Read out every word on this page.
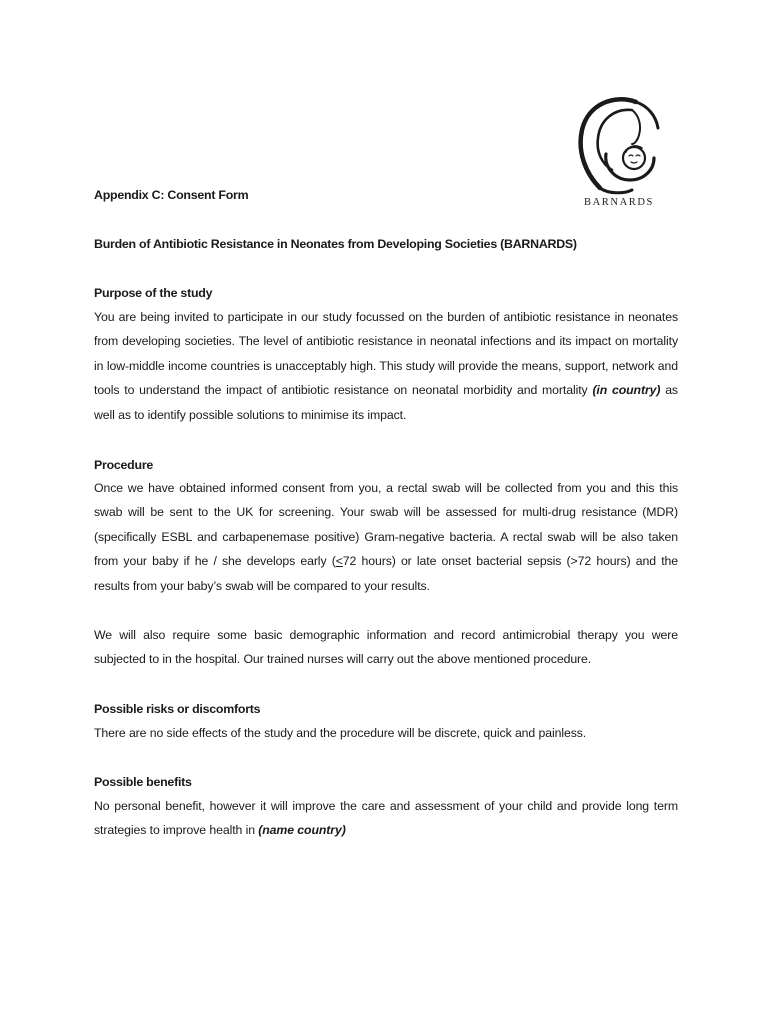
BARNARDS
Appendix C: Consent Form
Burden of Antibiotic Resistance in Neonates from Developing Societies (BARNARDS)
Purpose of the study
You are being invited to participate in our study focussed on the burden of antibiotic resistance in neonates from developing societies. The level of antibiotic resistance in neonatal infections and its impact on mortality in low-middle income countries is unacceptably high. This study will provide the means, support, network and tools to understand the impact of antibiotic resistance on neonatal morbidity and mortality (in country) as well as to identify possible solutions to minimise its impact.
Procedure
Once we have obtained informed consent from you, a rectal swab will be collected from you and this this swab will be sent to the UK for screening. Your swab will be assessed for multi-drug resistance (MDR) (specifically ESBL and carbapenemase positive) Gram-negative bacteria. A rectal swab will be also taken from your baby if he / she develops early (<72 hours) or late onset bacterial sepsis (>72 hours) and the results from your baby’s swab will be compared to your results.
We will also require some basic demographic information and record antimicrobial therapy you were subjected to in the hospital. Our trained nurses will carry out the above mentioned procedure.
Possible risks or discomforts
There are no side effects of the study and the procedure will be discrete, quick and painless.
Possible benefits
No personal benefit, however it will improve the care and assessment of your child and provide long term strategies to improve health in (name country)
